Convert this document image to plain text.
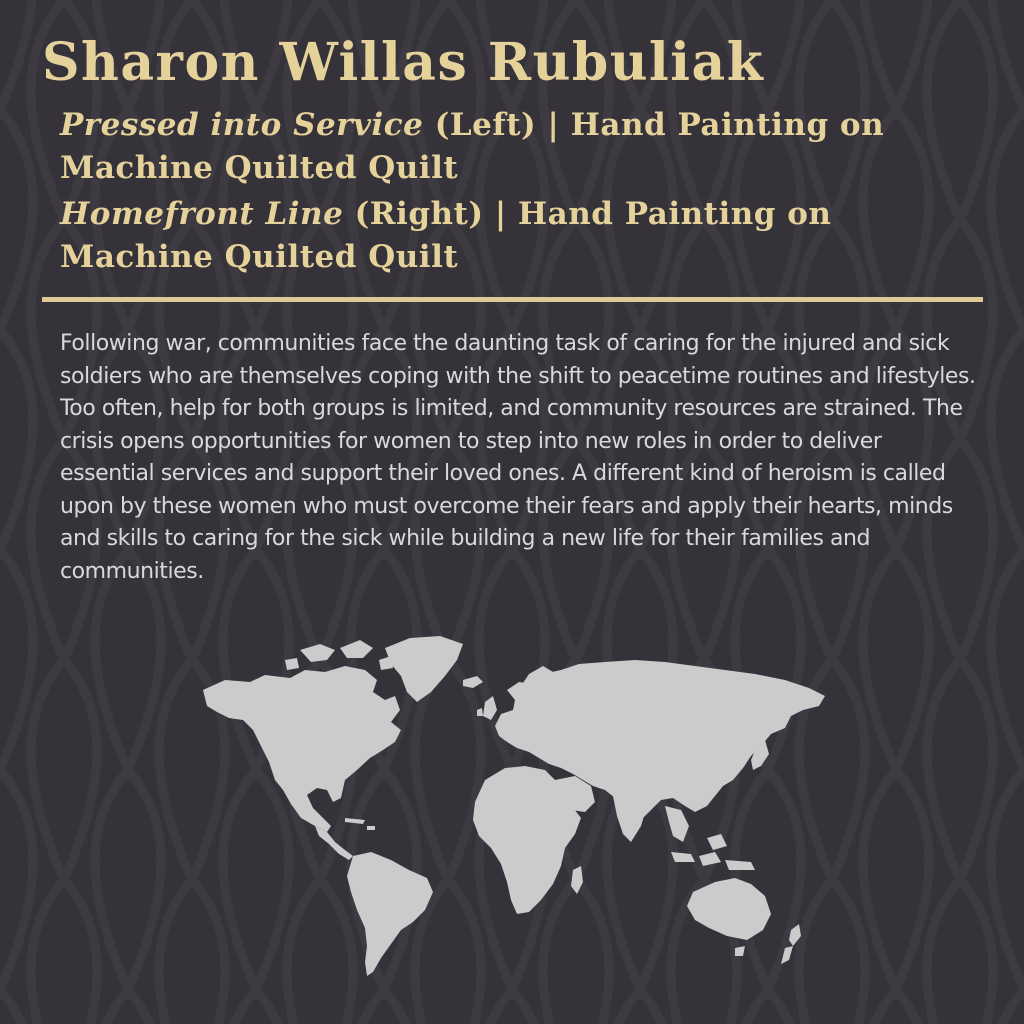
Sharon Willas Rubuliak

Pressed into Service (Left) | Hand Painting on Machine Quilted Quilt

Homefront Line (Right) | Hand Painting on Machine Quilted Quilt

Following war, communities face the daunting task of caring for the injured and sick soldiers who are themselves coping with the shift to peacetime routines and lifestyles. Too often, help for both groups is limited, and community resources are strained. The crisis opens opportunities for women to step into new roles in order to deliver essential services and support their loved ones. A different kind of heroism is called upon by these women who must overcome their fears and apply their hearts, minds and skills to caring for the sick while building a new life for their families and communities.
